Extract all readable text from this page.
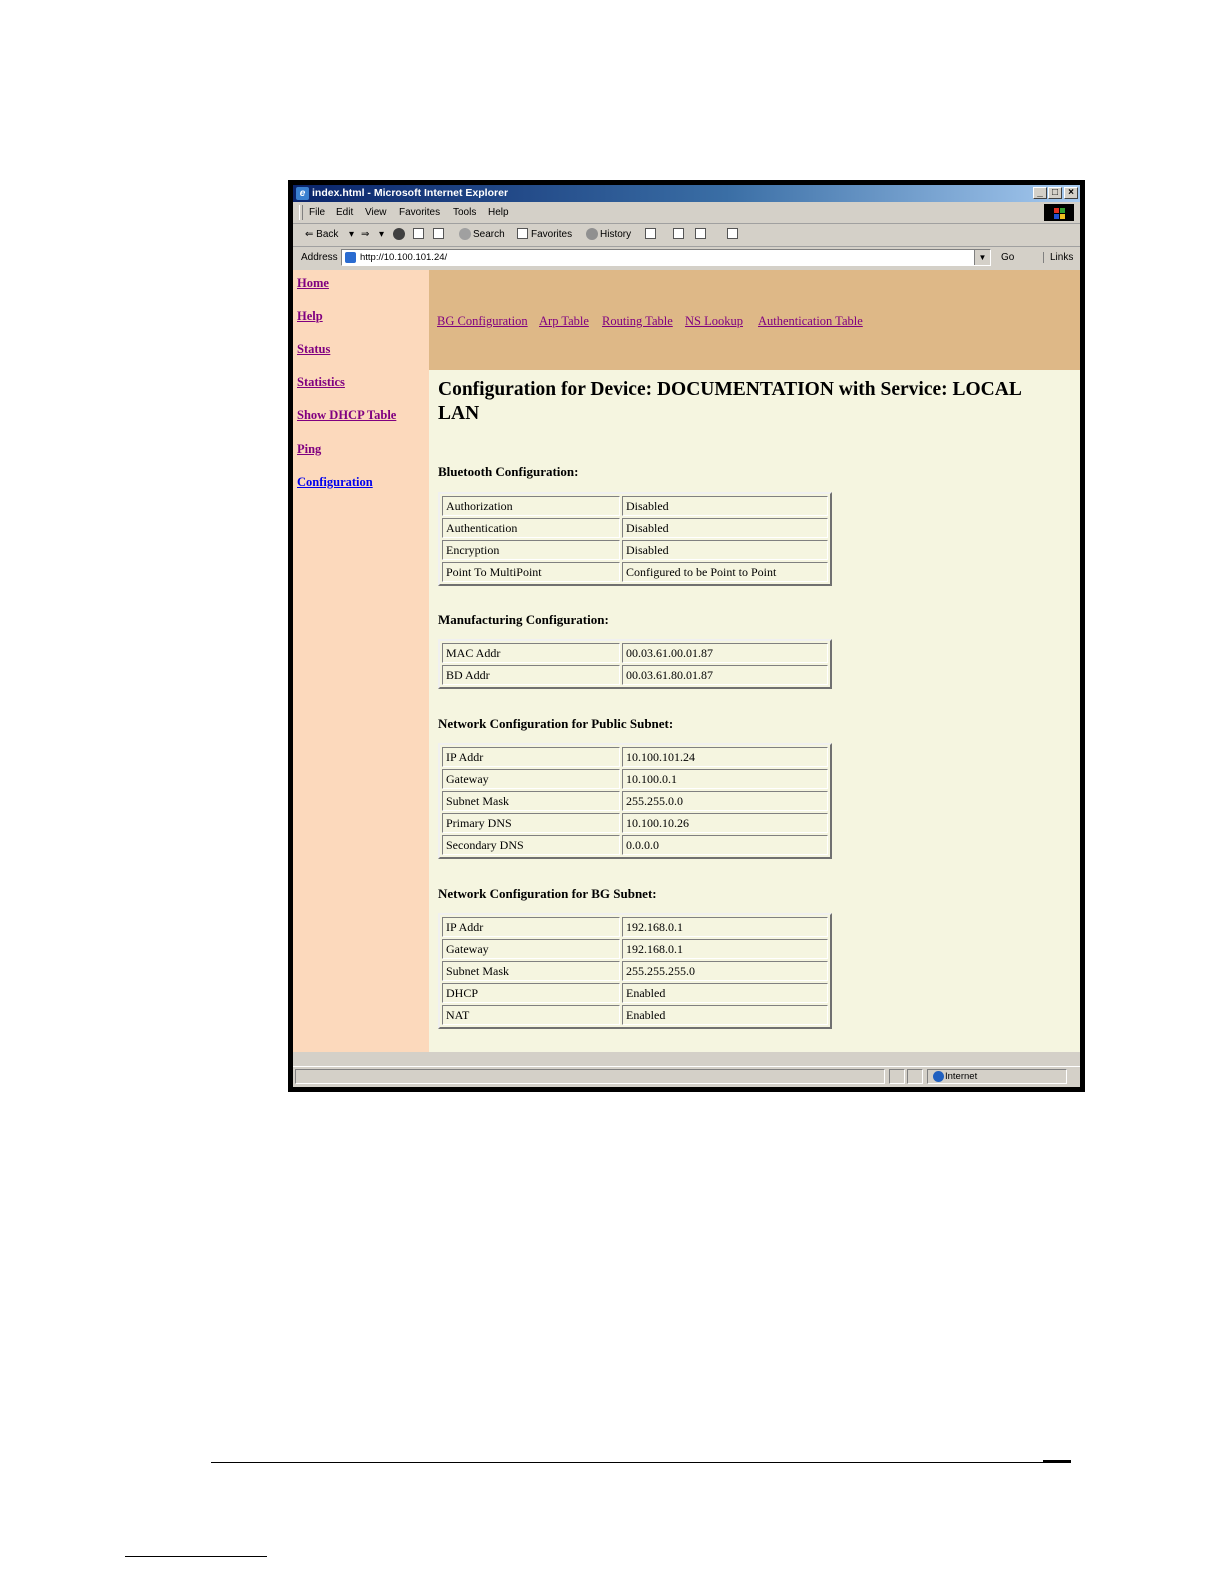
e index.html - Microsoft Internet Explorer	_ □	×
File Edit View Favorites Tools Help
⇐ Back ▾ ⇒ ▾	Search	Favorites	History
Address http://10.100.101.24/	▼	Go	Links
Home
Help
Status
Statistics
Show DHCP Table
Ping
Configuration
BG Configuration Arp Table Routing Table NS Lookup Authentication Table
Configuration for Device: DOCUMENTATION with Service: LOCAL LAN
Bluetooth Configuration:
Authorization	Disabled
Authentication	Disabled
Encryption	Disabled
Point To MultiPoint	Configured to be Point to Point
Manufacturing Configuration:
MAC Addr	00.03.61.00.01.87
BD Addr	00.03.61.80.01.87
Network Configuration for Public Subnet:
IP Addr	10.100.101.24
Gateway	10.100.0.1
Subnet Mask	255.255.0.0
Primary DNS	10.100.10.26
Secondary DNS	0.0.0.0
Network Configuration for BG Subnet:
IP Addr	192.168.0.1
Gateway	192.168.0.1
Subnet Mask	255.255.255.0
DHCP	Enabled
NAT	Enabled
Internet
